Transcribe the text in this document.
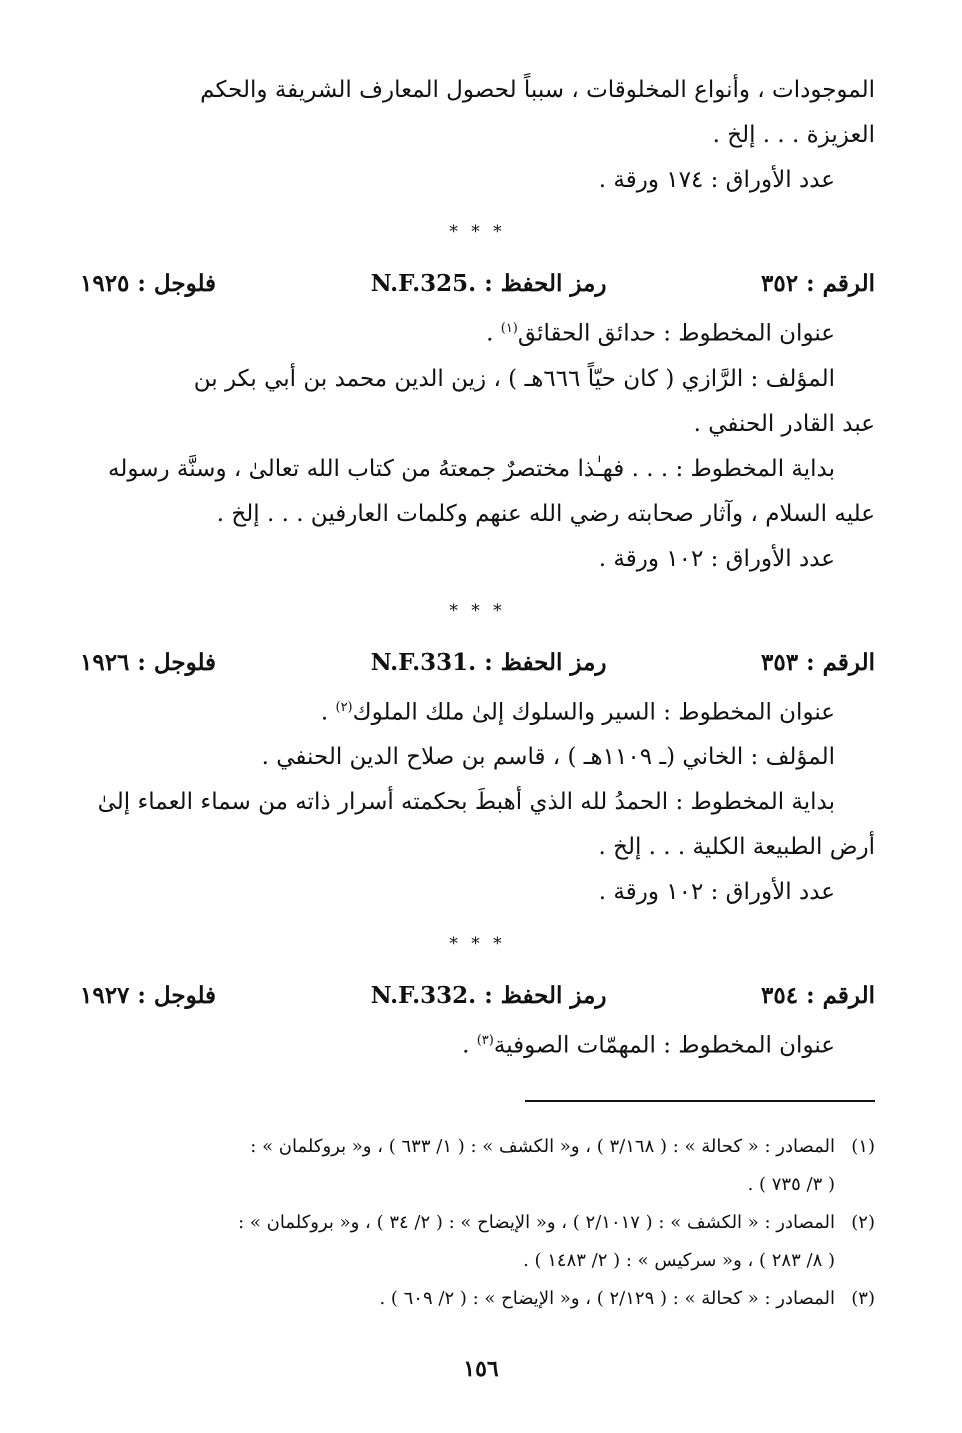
الموجودات ، وأنواع المخلوقات ، سبباً لحصول المعارف الشريفة والحكم
العزيزة . . . إلخ .
عدد الأوراق : ١٧٤ ورقة .
* * *
الرقم : ٣٥٢
رمز الحفظ : N.F.325.
فلوجل : ١٩٢٥
عنوان المخطوط : حدائق الحقائق$^{(١)}$ .
المؤلف : الرَّازي ( كان حيّاً ٦٦٦هـ ) ، زين الدين محمد بن أبي بكر بن
عبد القادر الحنفي .
بداية المخطوط : . . . فهـٰذا مختصرٌ جمعتهُ من كتاب الله تعالىٰ ، وسنَّة رسوله
عليه السلام ، وآثار صحابته رضي الله عنهم وكلمات العارفين . . . إلخ .
عدد الأوراق : ١٠٢ ورقة .
* * *
الرقم : ٣٥٣
رمز الحفظ : N.F.331.
فلوجل : ١٩٢٦
عنوان المخطوط : السير والسلوك إلىٰ ملك الملوك$^{(٢)}$ .
المؤلف : الخاني (ـ ١١٠٩هـ ) ، قاسم بن صلاح الدين الحنفي .
بداية المخطوط : الحمدُ لله الذي أهبطَ بحكمته أسرار ذاته من سماء العماء إلىٰ
أرض الطبيعة الكلية . . . إلخ .
عدد الأوراق : ١٠٢ ورقة .
* * *
الرقم : ٣٥٤
رمز الحفظ : N.F.332.
فلوجل : ١٩٢٧
عنوان المخطوط : المهمّات الصوفية$^{(٣)}$ .
(١)
المصادر : « كحالة » : ( ٣/١٦٨ ) ، و« الكشف » : ( ١/ ٦٣٣ ) ، و« بروكلمان » :
( ٣/ ٧٣٥ ) .
(٢)
المصادر : « الكشف » : ( ٢/١٠١٧ ) ، و« الإيضاح » : ( ٢/ ٣٤ ) ، و« بروكلمان » :
( ٨/ ٢٨٣ ) ، و« سركيس » : ( ٢/ ١٤٨٣ ) .
(٣)
المصادر : « كحالة » : ( ٢/١٢٩ ) ، و« الإيضاح » : ( ٢/ ٦٠٩ ) .
١٥٦
